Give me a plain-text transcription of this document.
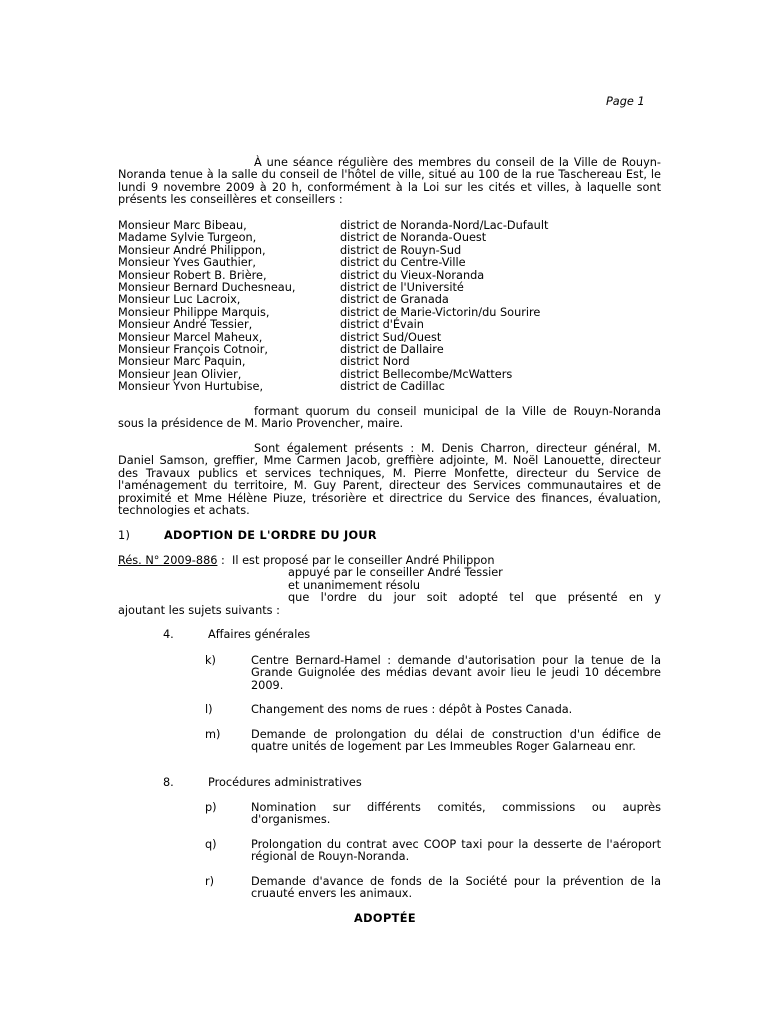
Page 1
À une séance régulière des membres du conseil de la Ville de Rouyn-Noranda tenue à la salle du conseil de l'hôtel de ville, situé au 100 de la rue Taschereau Est, le lundi 9 novembre 2009 à 20 h, conformément à la Loi sur les cités et villes, à laquelle sont présents les conseillères et conseillers :
Monsieur Marc Bibeau,	district de Noranda-Nord/Lac-Dufault
Madame Sylvie Turgeon,	district de Noranda-Ouest
Monsieur André Philippon,	district de Rouyn-Sud
Monsieur Yves Gauthier,	district du Centre-Ville
Monsieur Robert B. Brière,	district du Vieux-Noranda
Monsieur Bernard Duchesneau,	district de l'Université
Monsieur Luc Lacroix,	district de Granada
Monsieur Philippe Marquis,	district de Marie-Victorin/du Sourire
Monsieur André Tessier,	district d'Évain
Monsieur Marcel Maheux,	district Sud/Ouest
Monsieur François Cotnoir,	district de Dallaire
Monsieur Marc Paquin,	district Nord
Monsieur Jean Olivier,	district Bellecombe/McWatters
Monsieur Yvon Hurtubise,	district de Cadillac
formant quorum du conseil municipal de la Ville de Rouyn-Noranda sous la présidence de M. Mario Provencher, maire.
Sont également présents : M. Denis Charron, directeur général, M. Daniel Samson, greffier, Mme Carmen Jacob, greffière adjointe, M. Noël Lanouette, directeur des Travaux publics et services techniques, M. Pierre Monfette, directeur du Service de l'aménagement du territoire, M. Guy Parent, directeur des Services communautaires et de proximité et Mme Hélène Piuze, trésorière et directrice du Service des finances, évaluation, technologies et achats.
1)	ADOPTION DE L'ORDRE DU JOUR
Rés. N° 2009-886 : Il est proposé par le conseiller André Philippon
appuyé par le conseiller André Tessier
et unanimement résolu
que l'ordre du jour soit adopté tel que présenté en y
ajoutant les sujets suivants :
4.	Affaires générales
k)	Centre Bernard-Hamel : demande d'autorisation pour la tenue de la Grande Guignolée des médias devant avoir lieu le jeudi 10 décembre 2009.
l)	Changement des noms de rues : dépôt à Postes Canada.
m)	Demande de prolongation du délai de construction d'un édifice de quatre unités de logement par Les Immeubles Roger Galarneau enr.
8.	Procédures administratives
p)	Nomination sur différents comités, commissions ou auprès d'organismes.
q)	Prolongation du contrat avec COOP taxi pour la desserte de l'aéroport régional de Rouyn-Noranda.
r)	Demande d'avance de fonds de la Société pour la prévention de la cruauté envers les animaux.
ADOPTÉE
